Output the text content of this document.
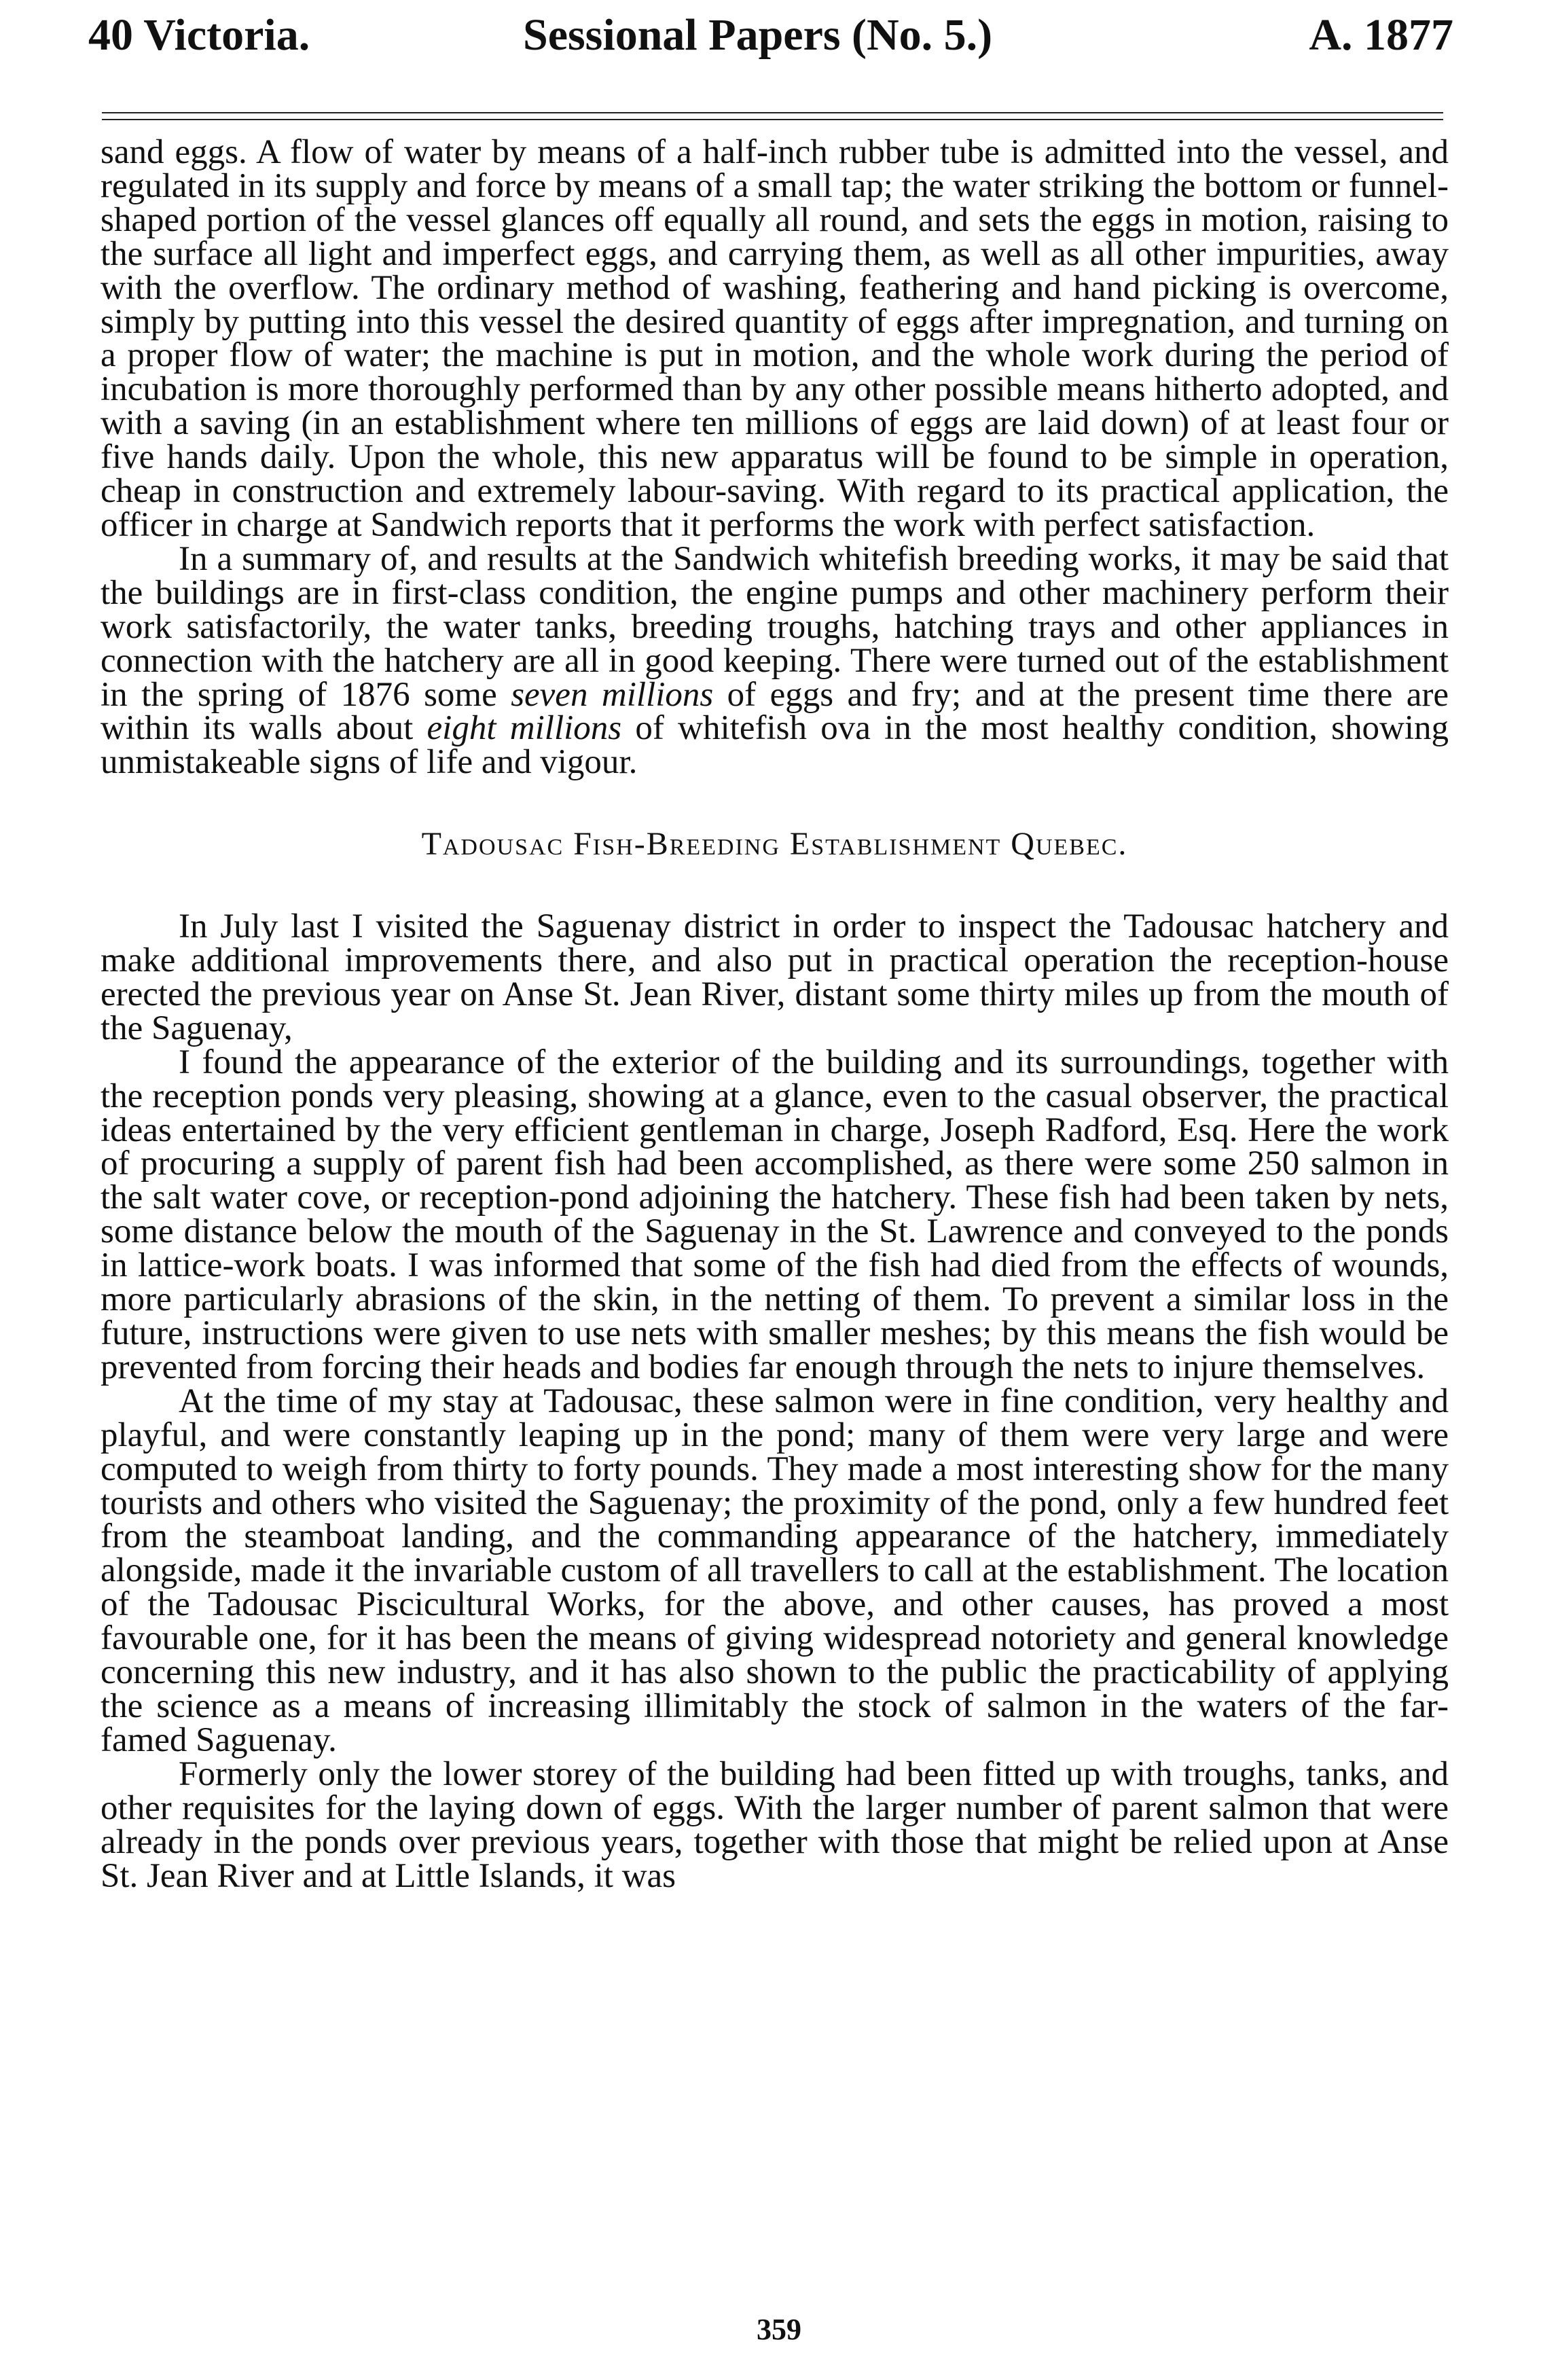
40 Victoria.	Sessional Papers (No. 5.)	A. 1877

sand eggs. A flow of water by means of a half-inch rubber tube is admitted into the vessel, and regulated in its supply and force by means of a small tap; the water striking the bottom or funnel-shaped portion of the vessel glances off equally all round, and sets the eggs in motion, raising to the surface all light and imperfect eggs, and carrying them, as well as all other impurities, away with the overflow. The ordinary method of washing, feathering and hand picking is overcome, simply by putting into this vessel the desired quantity of eggs after impregnation, and turning on a proper flow of water; the machine is put in motion, and the whole work during the period of incubation is more thoroughly performed than by any other possible means hitherto adopted, and with a saving (in an establishment where ten millions of eggs are laid down) of at least four or five hands daily. Upon the whole, this new apparatus will be found to be simple in operation, cheap in construction and extremely labour-saving. With regard to its practical application, the officer in charge at Sandwich reports that it performs the work with perfect satisfaction.

In a summary of, and results at the Sandwich whitefish breeding works, it may be said that the buildings are in first-class condition, the engine pumps and other machinery perform their work satisfactorily, the water tanks, breeding troughs, hatching trays and other appliances in connection with the hatchery are all in good keeping. There were turned out of the establishment in the spring of 1876 some seven millions of eggs and fry; and at the present time there are within its walls about eight millions of whitefish ova in the most healthy condition, showing unmistakeable signs of life and vigour.

Tadousac Fish-Breeding Establishment Quebec.

In July last I visited the Saguenay district in order to inspect the Tadousac hatchery and make additional improvements there, and also put in practical operation the reception-house erected the previous year on Anse St. Jean River, distant some thirty miles up from the mouth of the Saguenay,

I found the appearance of the exterior of the building and its surroundings, together with the reception ponds very pleasing, showing at a glance, even to the casual observer, the practical ideas entertained by the very efficient gentleman in charge, Joseph Radford, Esq. Here the work of procuring a supply of parent fish had been accomplished, as there were some 250 salmon in the salt water cove, or reception-pond adjoining the hatchery. These fish had been taken by nets, some distance below the mouth of the Saguenay in the St. Lawrence and conveyed to the ponds in lattice-work boats. I was informed that some of the fish had died from the effects of wounds, more particularly abrasions of the skin, in the netting of them. To prevent a similar loss in the future, instructions were given to use nets with smaller meshes; by this means the fish would be prevented from forcing their heads and bodies far enough through the nets to injure themselves.

At the time of my stay at Tadousac, these salmon were in fine condition, very healthy and playful, and were constantly leaping up in the pond; many of them were very large and were computed to weigh from thirty to forty pounds. They made a most interesting show for the many tourists and others who visited the Saguenay; the proximity of the pond, only a few hundred feet from the steamboat landing, and the commanding appearance of the hatchery, immediately alongside, made it the invariable custom of all travellers to call at the establishment. The location of the Tadousac Piscicultural Works, for the above, and other causes, has proved a most favourable one, for it has been the means of giving widespread notoriety and general knowledge concerning this new industry, and it has also shown to the public the practicability of applying the science as a means of increasing illimitably the stock of salmon in the waters of the far-famed Saguenay.

Formerly only the lower storey of the building had been fitted up with troughs, tanks, and other requisites for the laying down of eggs. With the larger number of parent salmon that were already in the ponds over previous years, together with those that might be relied upon at Anse St. Jean River and at Little Islands, it was

359
